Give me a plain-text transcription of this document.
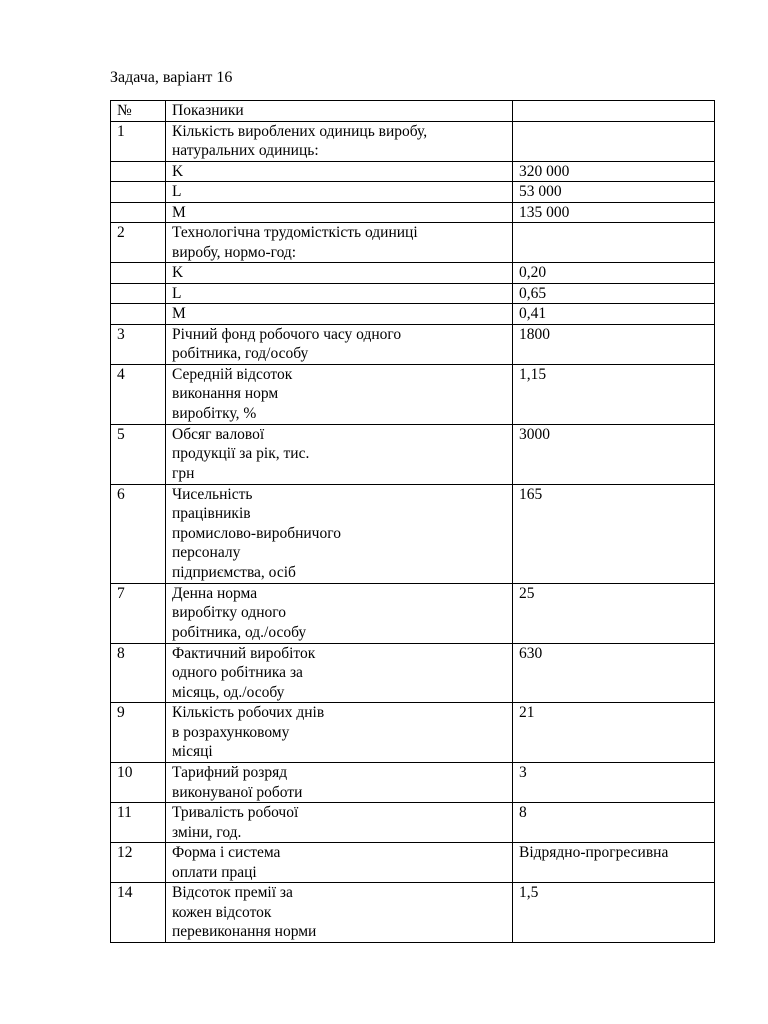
Задача, варіант 16
№	Показники	
1	Кількість вироблених одиниць виробу,
натуральних одиниць:	
	K	320 000
	L	53 000
	M	135 000
2	Технологічна трудомісткість одиниці
виробу, нормо-год:	
	K	0,20
	L	0,65
	M	0,41
3	Річний фонд робочого часу одного
робітника, год/особу	1800
4	Середній відсоток
виконання норм
виробітку, %	1,15
5	Обсяг валової
продукції за рік, тис.
грн	3000
6	Чисельність
працівників
промислово-виробничого
персоналу
підприємства, осіб	165
7	Денна норма
виробітку одного
робітника, од./особу	25
8	Фактичний виробіток
одного робітника за
місяць, од./особу	630
9	Кількість робочих днів
в розрахунковому
місяці	21
10	Тарифний розряд
виконуваної роботи	3
11	Тривалість робочої
зміни, год.	8
12	Форма і система
оплати праці	Відрядно-прогресивна
14	Відсоток премії за
кожен відсоток
перевиконання норми	1,5
